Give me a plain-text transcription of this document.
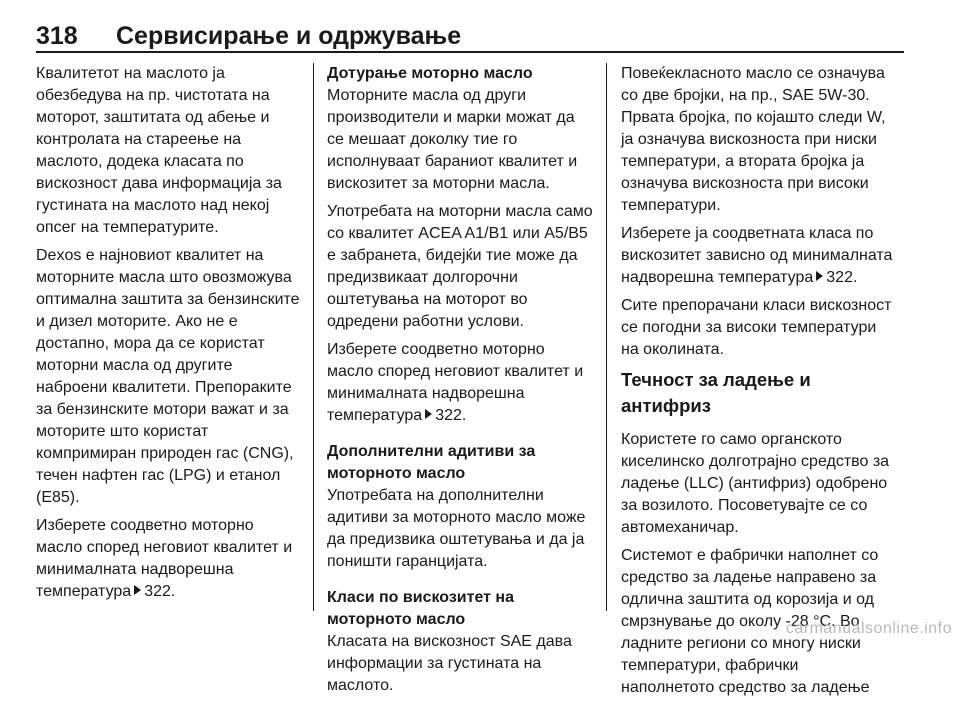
318	Сервисирање и одржување

Квалитетот на маслото ја обезбедува на пр. чистотата на моторот, заштитата од абење и контролата на стареење на маслото, додека класата по вискозност дава информација за густината на маслото над некој опсег на температурите.

Dexos е најновиот квалитет на моторните масла што овозможува оптимална заштита за бензинските и дизел моторите. Ако не е достапно, мора да се користат моторни масла од другите наброени квалитети. Препораките за бензинските мотори важат и за моторите што користат компримиран природен гас (CNG), течен нафтен гас (LPG) и етанол (E85).

Изберете соодветно моторно масло според неговиот квалитет и минималната надворешна температура 322.

Дотурање моторно масло

Моторните масла од други производители и марки можат да се мешаат доколку тие го исполнуваат бараниот квалитет и вискозитет за моторни масла.

Употребата на моторни масла само со квалитет ACEA A1/B1 или A5/B5 е забранета, бидејќи тие може да предизвикаат долгорочни оштетувања на моторот во одредени работни услови.

Изберете соодветно моторно масло според неговиот квалитет и минималната надворешна температура 322.

Дополнителни адитиви за моторното масло

Употребата на дополнителни адитиви за моторното масло може да предизвика оштетувања и да ја поништи гаранцијата.

Класи по вискозитет на моторното масло

Класата на вискозност SAE дава информации за густината на маслото.

Повеќекласното масло се означува со две бројки, на пр., SAE 5W-30. Првата бројка, по којашто следи W, ја означува вискозноста при ниски температури, а втората бројка ја означува вискозноста при високи температури.

Изберете ја соодветната класа по вискозитет зависно од минималната надворешна температура 322.

Сите препорачани класи вискозност се погодни за високи температури на околината.

Течност за ладење и антифриз

Користете го само органското киселинско долготрајно средство за ладење (LLC) (антифриз) одобрено за возилото. Посоветувајте се со автомеханичар.

Системот е фабрички наполнет со средство за ладење направено за одлична заштита од корозија и од смрзнување до околу -28 °C. Во ладните региони со многу ниски температури, фабрички наполнетото средство за ладење

carmanualsonline.info
